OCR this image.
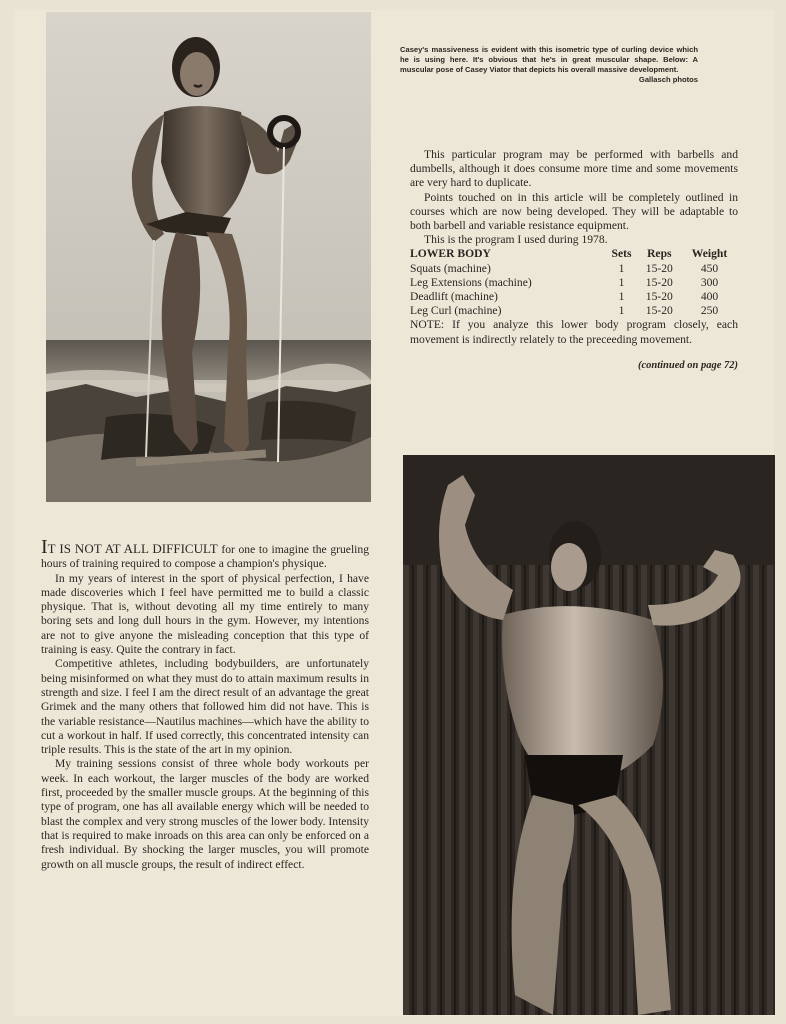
Casey's massiveness is evident with this isometric type of curling device which he is using here. It's obvious that he's in great muscular shape. Below: A muscular pose of Casey Viator that depicts his overall massive development.
Gallasch photos

This particular program may be performed with barbells and dumbells, although it does consume more time and some movements are very hard to duplicate.

Points touched on in this article will be completely outlined in courses which are now being developed. They will be adaptable to both barbell and variable resistance equipment.

This is the program I used during 1978.

LOWER BODY	Sets	Reps	Weight
Squats (machine)	1	15-20	450
Leg Extensions (machine)	1	15-20	300
Deadlift (machine)	1	15-20	400
Leg Curl (machine)	1	15-20	250

NOTE: If you analyze this lower body program closely, each movement is indirectly relately to the preceeding movement.

(continued on page 72)

IT IS NOT AT ALL DIFFICULT for one to imagine the grueling hours of training required to compose a champion's physique.

In my years of interest in the sport of physical perfection, I have made discoveries which I feel have permitted me to build a classic physique. That is, without devoting all my time entirely to many boring sets and long dull hours in the gym. However, my intentions are not to give anyone the misleading conception that this type of training is easy. Quite the contrary in fact.

Competitive athletes, including bodybuilders, are unfortunately being misinformed on what they must do to attain maximum results in strength and size. I feel I am the direct result of an advantage the great Grimek and the many others that followed him did not have. This is the variable resistance—Nautilus machines—which have the ability to cut a workout in half. If used correctly, this concentrated intensity can triple results. This is the state of the art in my opinion.

My training sessions consist of three whole body workouts per week. In each workout, the larger muscles of the body are worked first, proceeded by the smaller muscle groups. At the beginning of this type of program, one has all available energy which will be needed to blast the complex and very strong muscles of the lower body. Intensity that is required to make inroads on this area can only be enforced on a fresh individual. By shocking the larger muscles, you will promote growth on all muscle groups, the result of indirect effect.
